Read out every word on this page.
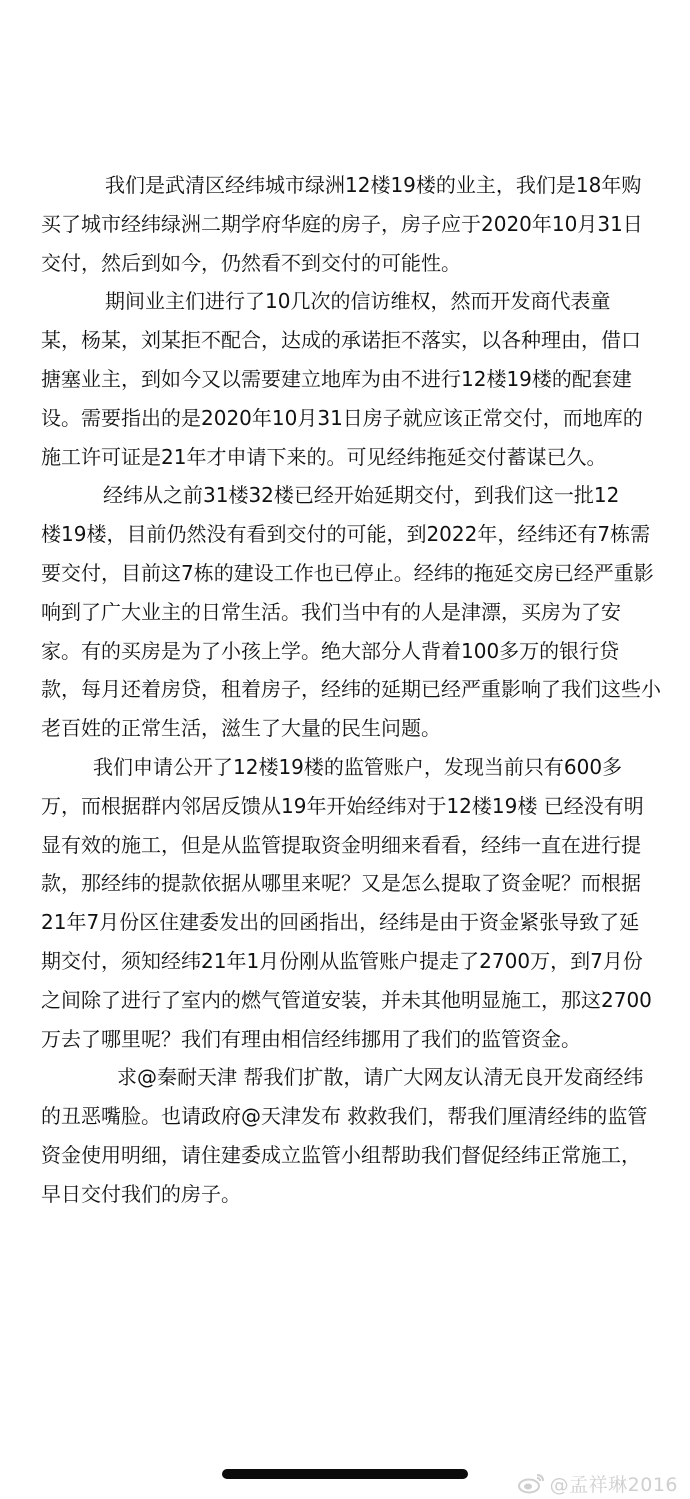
我们是武清区经纬城市绿洲12楼19楼的业主，我们是18年购
买了城市经纬绿洲二期学府华庭的房子，房子应于2020年10月31日
交付，然后到如今，仍然看不到交付的可能性。
期间业主们进行了10几次的信访维权，然而开发商代表童
某，杨某，刘某拒不配合，达成的承诺拒不落实，以各种理由，借口
搪塞业主，到如今又以需要建立地库为由不进行12楼19楼的配套建
设。需要指出的是2020年10月31日房子就应该正常交付，而地库的
施工许可证是21年才申请下来的。可见经纬拖延交付蓄谋已久。
经纬从之前31楼32楼已经开始延期交付，到我们这一批12
楼19楼，目前仍然没有看到交付的可能，到2022年，经纬还有7栋需
要交付，目前这7栋的建设工作也已停止。经纬的拖延交房已经严重影
响到了广大业主的日常生活。我们当中有的人是津漂，买房为了安
家。有的买房是为了小孩上学。绝大部分人背着100多万的银行贷
款，每月还着房贷，租着房子，经纬的延期已经严重影响了我们这些小
老百姓的正常生活，滋生了大量的民生问题。
我们申请公开了12楼19楼的监管账户，发现当前只有600多
万，而根据群内邻居反馈从19年开始经纬对于12楼19楼 已经没有明
显有效的施工，但是从监管提取资金明细来看看，经纬一直在进行提
款，那经纬的提款依据从哪里来呢？又是怎么提取了资金呢？而根据
21年7月份区住建委发出的回函指出，经纬是由于资金紧张导致了延
期交付，须知经纬21年1月份刚从监管账户提走了2700万，到7月份
之间除了进行了室内的燃气管道安装，并未其他明显施工，那这2700
万去了哪里呢？我们有理由相信经纬挪用了我们的监管资金。
求@秦耐天津 帮我们扩散，请广大网友认清无良开发商经纬
的丑恶嘴脸。也请政府@天津发布 救救我们，帮我们厘清经纬的监管
资金使用明细，请住建委成立监管小组帮助我们督促经纬正常施工，
早日交付我们的房子。
@孟祥琳2016
